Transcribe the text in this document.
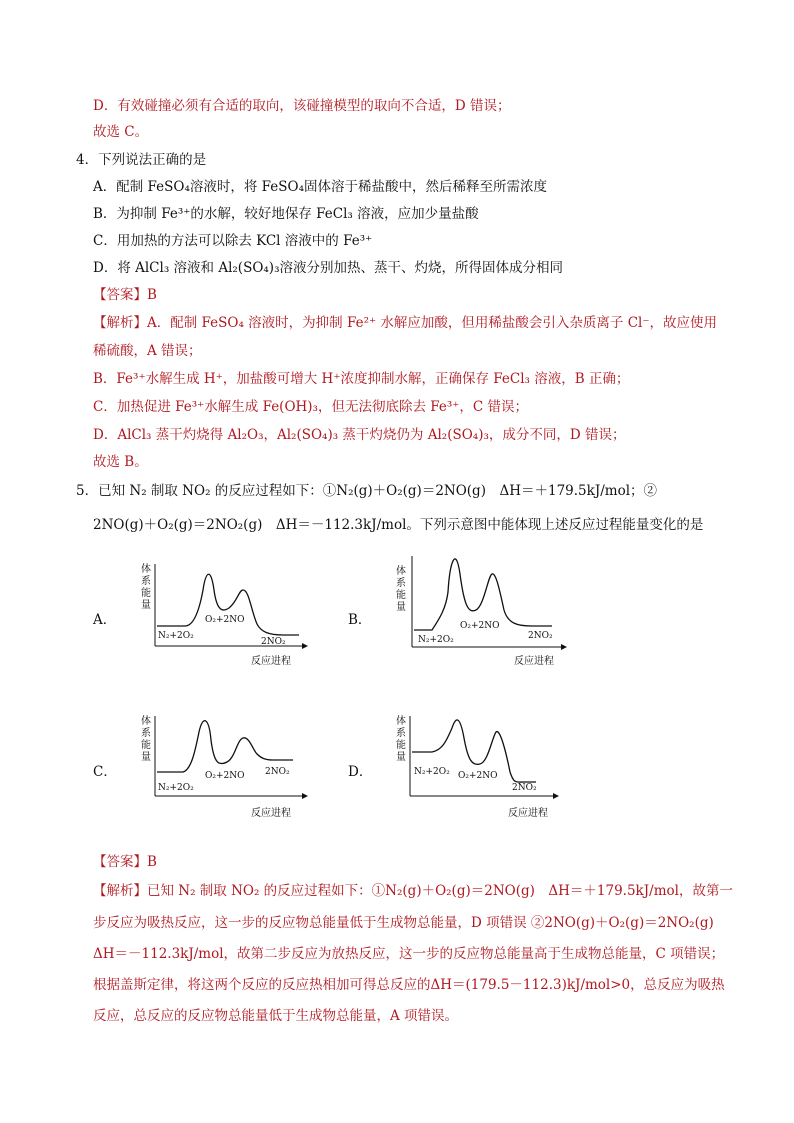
D．有效碰撞必须有合适的取向，该碰撞模型的取向不合适，D 错误；
故选 C。
4．下列说法正确的是
A．配制 FeSO₄溶液时，将 FeSO₄固体溶于稀盐酸中，然后稀释至所需浓度
B．为抑制 Fe³⁺的水解，较好地保存 FeCl₃ 溶液，应加少量盐酸
C．用加热的方法可以除去 KCl 溶液中的 Fe³⁺
D．将 AlCl₃ 溶液和 Al₂(SO₄)₃溶液分别加热、蒸干、灼烧，所得固体成分相同
【答案】B
【解析】A．配制 FeSO₄ 溶液时，为抑制 Fe²⁺ 水解应加酸，但用稀盐酸会引入杂质离子 Cl⁻，故应使用
稀硫酸，A 错误；
B．Fe³⁺水解生成 H⁺，加盐酸可增大 H⁺浓度抑制水解，正确保存 FeCl₃ 溶液，B 正确；
C．加热促进 Fe³⁺水解生成 Fe(OH)₃，但无法彻底除去 Fe³⁺，C 错误；
D．AlCl₃ 蒸干灼烧得 Al₂O₃，Al₂(SO₄)₃ 蒸干灼烧仍为 Al₂(SO₄)₃，成分不同，D 错误；
故选 B。
5．已知 N₂ 制取 NO₂ 的反应过程如下：①N₂(g)＋O₂(g)＝2NO(g)　ΔH＝＋179.5kJ/mol；②
2NO(g)＋O₂(g)＝2NO₂(g)　ΔH＝－112.3kJ/mol。下列示意图中能体现上述反应过程能量变化的是
A．	B．
C．	D．
体
系
能
量
N₂+2O₂
O₂+2NO
2NO₂
反应进程
体
系
能
量
N₂+2O₂
O₂+2NO
2NO₂
反应进程
体
系
能
量
N₂+2O₂
O₂+2NO 2NO₂
反应进程
体
系
能
量
N₂+2O₂ O₂+2NO
2NO₂
反应进程
【答案】B
【解析】已知 N₂ 制取 NO₂ 的反应过程如下：①N₂(g)＋O₂(g)＝2NO(g)　ΔH＝＋179.5kJ/mol，故第一
步反应为吸热反应，这一步的反应物总能量低于生成物总能量，D 项错误 ②2NO(g)＋O₂(g)＝2NO₂(g)
ΔH＝－112.3kJ/mol，故第二步反应为放热反应，这一步的反应物总能量高于生成物总能量，C 项错误；
根据盖斯定律，将这两个反应的反应热相加可得总反应的ΔH＝(179.5－112.3)kJ/mol>0，总反应为吸热
反应，总反应的反应物总能量低于生成物总能量，A 项错误。
